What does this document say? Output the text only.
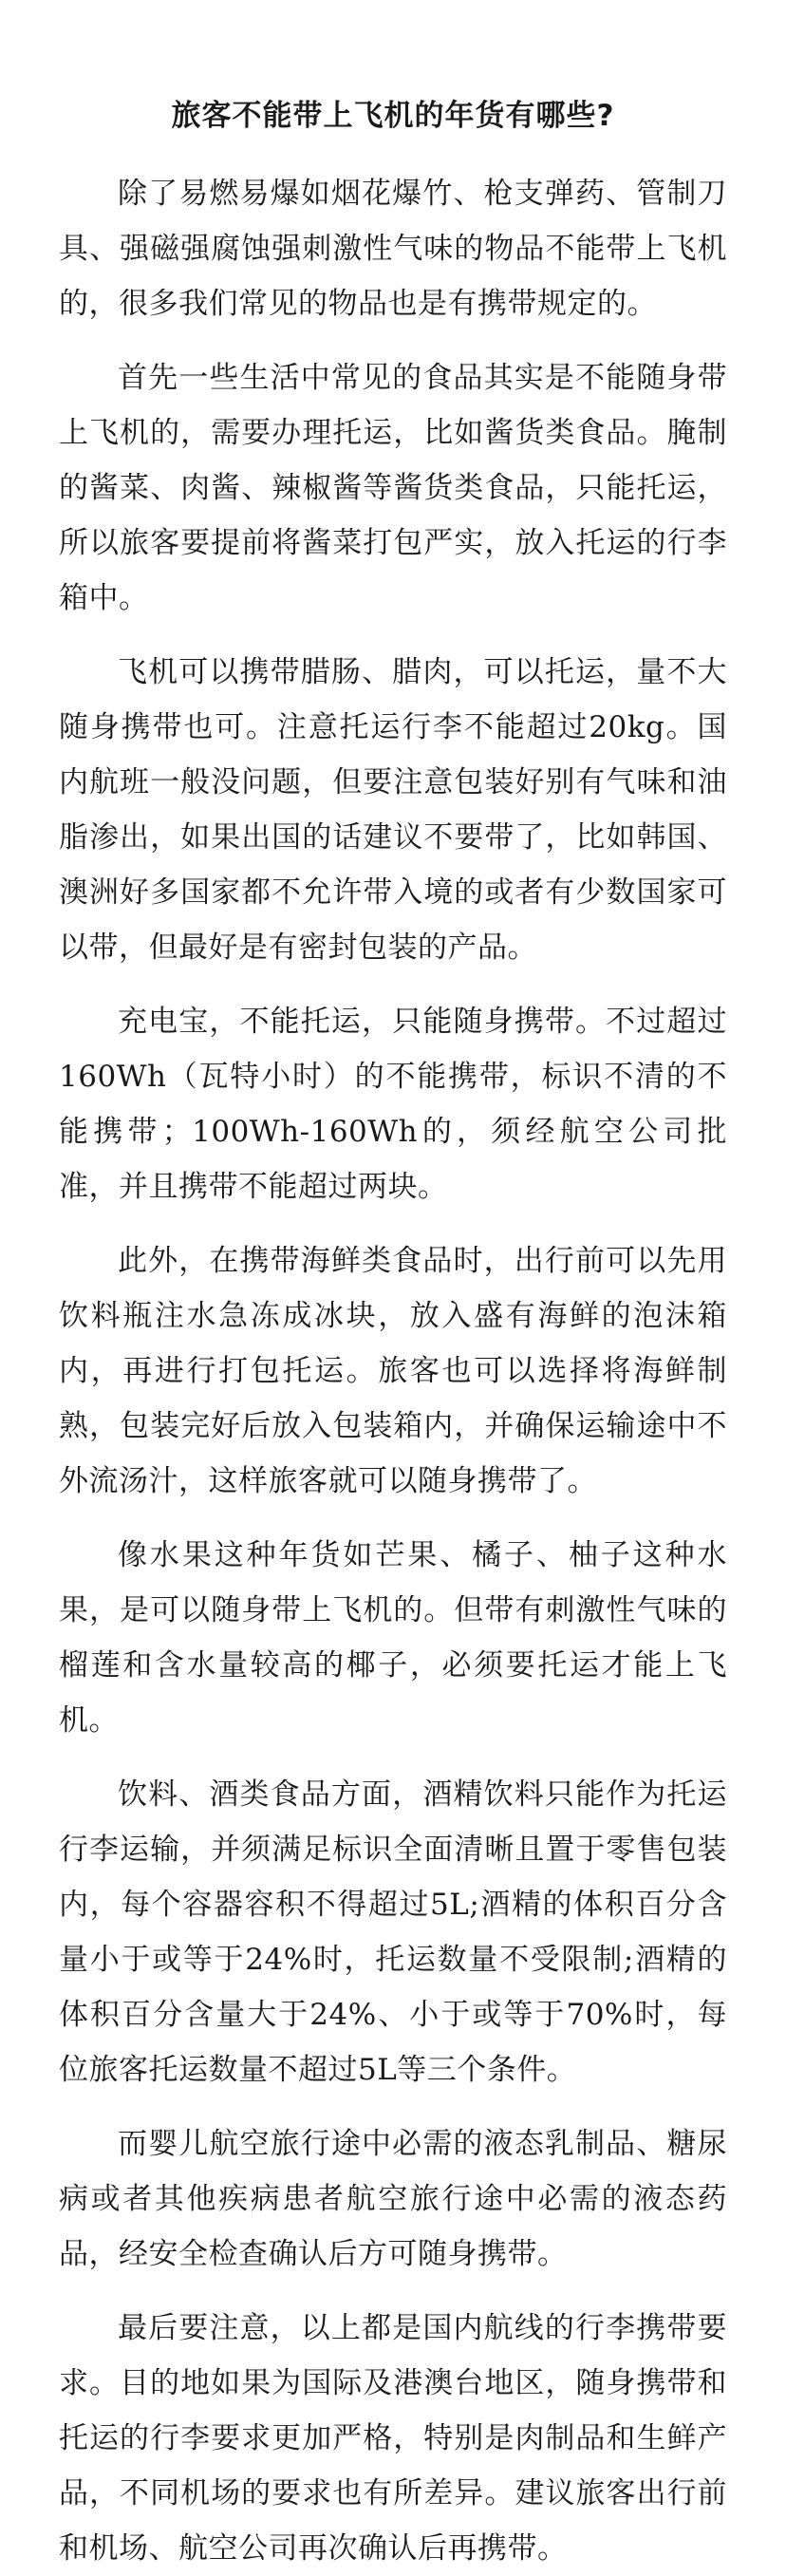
旅客不能带上飞机的年货有哪些?

除了易燃易爆如烟花爆竹、枪支弹药、管制刀具、强磁强腐蚀强刺激性气味的物品不能带上飞机的，很多我们常见的物品也是有携带规定的。

首先一些生活中常见的食品其实是不能随身带上飞机的，需要办理托运，比如酱货类食品。腌制的酱菜、肉酱、辣椒酱等酱货类食品，只能托运，所以旅客要提前将酱菜打包严实，放入托运的行李箱中。

飞机可以携带腊肠、腊肉，可以托运，量不大随身携带也可。注意托运行李不能超过20kg。国内航班一般没问题，但要注意包装好别有气味和油脂渗出，如果出国的话建议不要带了，比如韩国、澳洲好多国家都不允许带入境的或者有少数国家可以带，但最好是有密封包装的产品。

充电宝，不能托运，只能随身携带。不过超过160Wh（瓦特小时）的不能携带，标识不清的不能携带；100Wh-160Wh的，须经航空公司批准，并且携带不能超过两块。

此外，在携带海鲜类食品时，出行前可以先用饮料瓶注水急冻成冰块，放入盛有海鲜的泡沫箱内，再进行打包托运。旅客也可以选择将海鲜制熟，包装完好后放入包装箱内，并确保运输途中不外流汤汁，这样旅客就可以随身携带了。

像水果这种年货如芒果、橘子、柚子这种水果，是可以随身带上飞机的。但带有刺激性气味的榴莲和含水量较高的椰子，必须要托运才能上飞机。

饮料、酒类食品方面，酒精饮料只能作为托运行李运输，并须满足标识全面清晰且置于零售包装内，每个容器容积不得超过5L;酒精的体积百分含量小于或等于24%时，托运数量不受限制;酒精的体积百分含量大于24%、小于或等于70%时，每位旅客托运数量不超过5L等三个条件。

而婴儿航空旅行途中必需的液态乳制品、糖尿病或者其他疾病患者航空旅行途中必需的液态药品，经安全检查确认后方可随身携带。

最后要注意，以上都是国内航线的行李携带要求。目的地如果为国际及港澳台地区，随身携带和托运的行李要求更加严格，特别是肉制品和生鲜产品，不同机场的要求也有所差异。建议旅客出行前和机场、航空公司再次确认后再携带。
